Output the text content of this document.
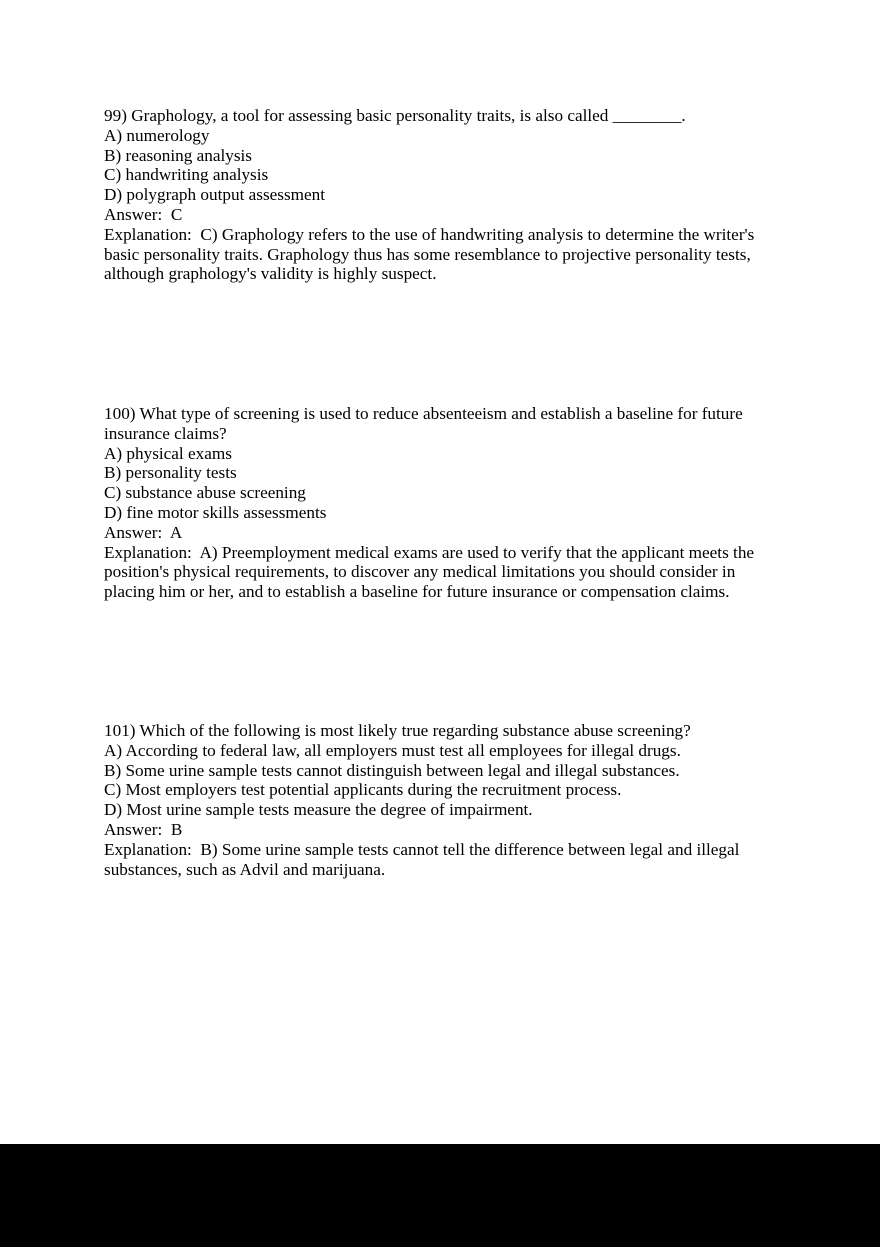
99) Graphology, a tool for assessing basic personality traits, is also called ________.
A) numerology
B) reasoning analysis
C) handwriting analysis
D) polygraph output assessment
Answer:  C
Explanation:  C) Graphology refers to the use of handwriting analysis to determine the writer's basic personality traits. Graphology thus has some resemblance to projective personality tests, although graphology's validity is highly suspect.
100) What type of screening is used to reduce absenteeism and establish a baseline for future insurance claims?
A) physical exams
B) personality tests
C) substance abuse screening
D) fine motor skills assessments
Answer:  A
Explanation:  A) Preemployment medical exams are used to verify that the applicant meets the position's physical requirements, to discover any medical limitations you should consider in placing him or her, and to establish a baseline for future insurance or compensation claims.
101) Which of the following is most likely true regarding substance abuse screening?
A) According to federal law, all employers must test all employees for illegal drugs.
B) Some urine sample tests cannot distinguish between legal and illegal substances.
C) Most employers test potential applicants during the recruitment process.
D) Most urine sample tests measure the degree of impairment.
Answer:  B
Explanation:  B) Some urine sample tests cannot tell the difference between legal and illegal substances, such as Advil and marijuana.
